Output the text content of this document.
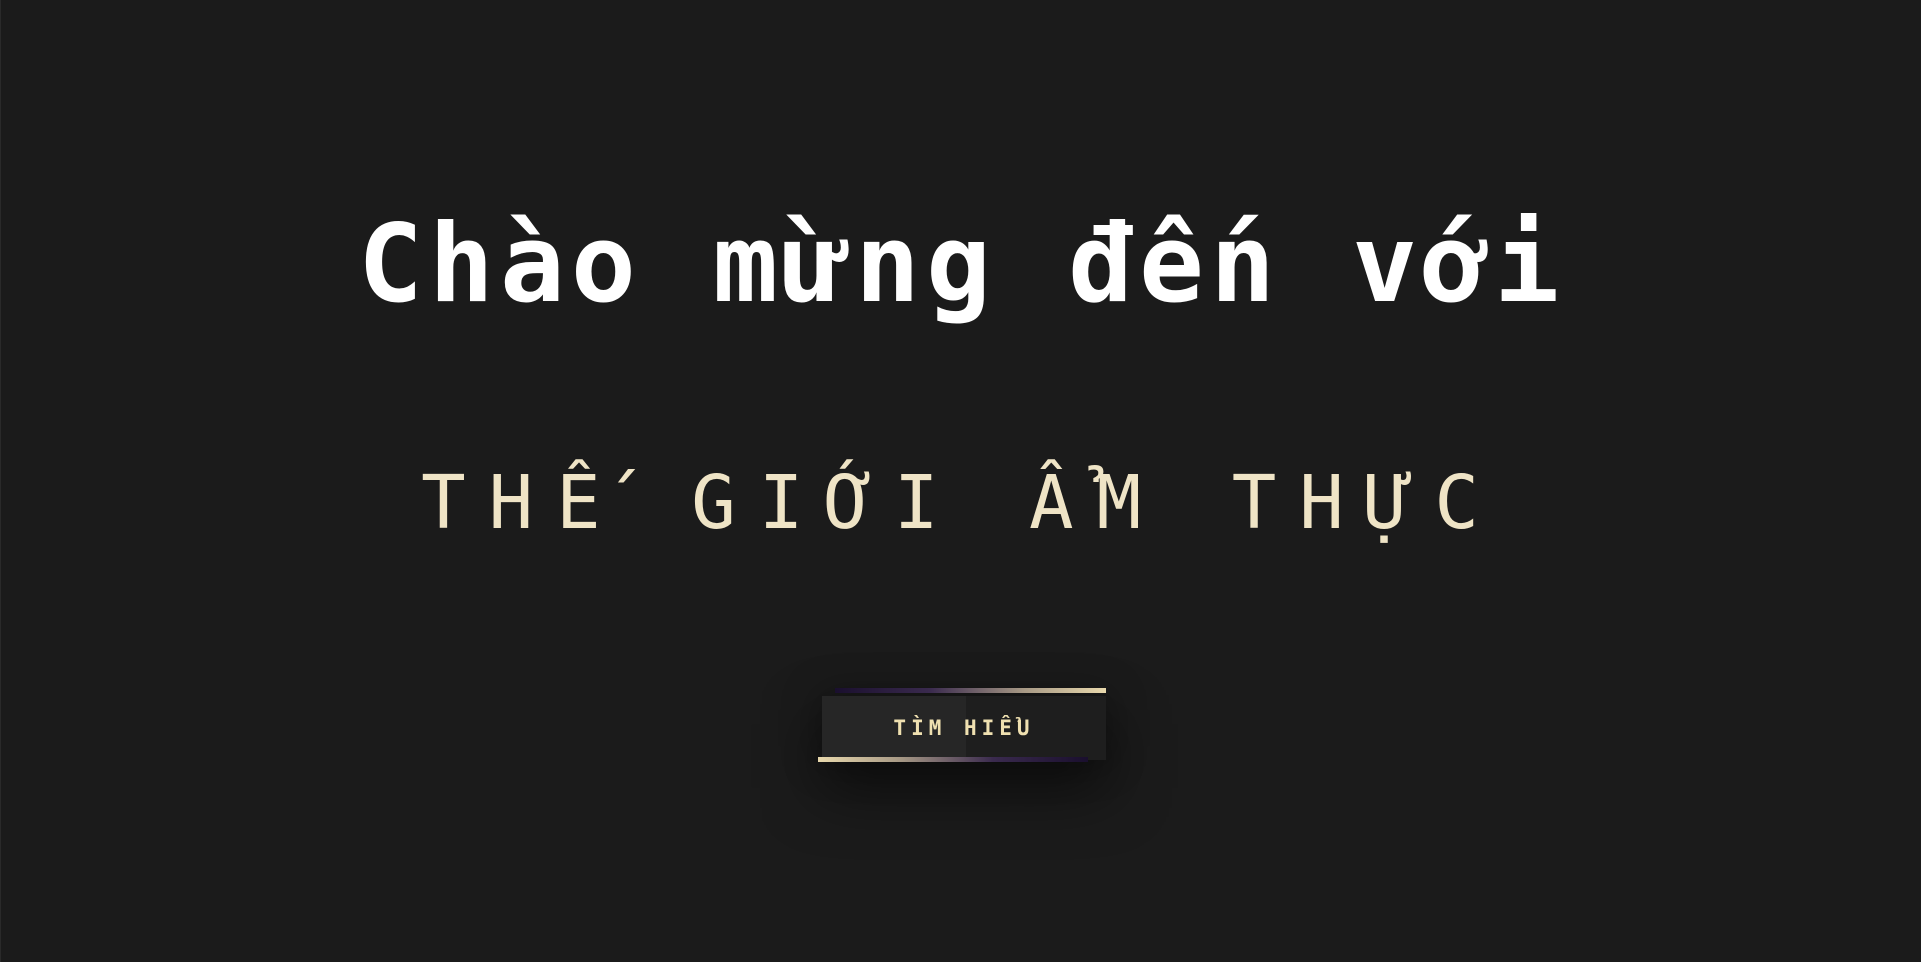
Chào mừng đến với
THẾ GIỚI ẨM THỰC
TÌM HIỂU
